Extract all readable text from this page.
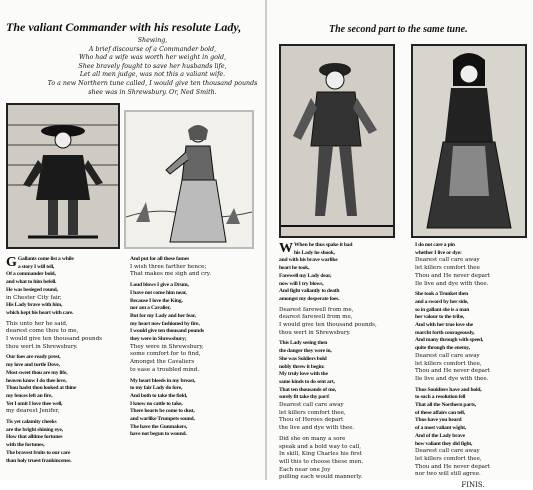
The valiant Commander with his resolute Lady,
Shewing,
A brief discourse of a Commander bold,
Who had a wife was worth her weight in gold,
Shee bravely fought to save her husbands life,
Let all men judge, was not this a valiant wife.
To a new Northern tune called, I would give ten thousand pounds
shee was in Shrewsbury. Or, Ned Smith.
G Gallants come list a while
a story I will tell,
Of a commander bold,
and what to him befell.
He was besieged round,
in Chester City fair,
His Lady brave with him,
which kept his heart with care.
This unto her he said,
dearest come thou to me,
I would give ten thousand pounds
thou wert in Shrewsbury.
Our foes are ready prest,
my love and turtle Dove,
Most sweet thou are my life,
heaven know I do thee love,
Thou hadst thou looked at thine
my fences left an fire,
Yet I omit I love thee well,
my dearest Jenifer,
Tis yet calamity cheeks
are the bright shining eye,
How that alltime fortunes
with the fortunes,
The bravest fruits to our care
than holy truest frankincense.
And put for all these fames
I wish three farther hence;
That makes me sigh and cry.
Loud blows I give a Drum,
I have not come him near,
Because I love the King,
nor am a Cavalier,
But for my Lady and her fear,
my heart now fashioned by fire,
I would give ten thousand pounds
they were in Shrewsbury;
They were in Shrewsbury,
some comfort for to find,
Amongst the Cavaliers
to ease a troubled mind.
My heart bleeds in my breast,
to my fair Lady do fore,
And both to take the field,
I know no cattle to take,
There hearts be come to dust,
and warlike Trumpets sound,
The have the Gunmakers,
have not begun to wound.
The second part to the same tune.
W When he thus spake it had
his Lady he shook,
and with his brave warlike
heart he took,
Farewell my Lady dear,
now will I try blows,
And fight valiantly to death
amongst my desperate foes.
Dearest farewell from me,
dearest farewell from me,
I would give ten thousand pounds,
thou wert in Shrewsbury.
This Lady seeing then
the danger they were in,
She was Soldiers bold
nobly threw it begin:
My truly love with the
same kinds to do sent art,
That ten thousands of me,
surely fit take thy part!
Dearest call care away
let killers comfort thee,
Thou of Heroes depart
the live and dye with thee.
Did she on many a sore
speak and a bold way to call,
In skill, King Charles his first
will this to choose these men.
Each near one Joy
pulling each would mannerly.
I do not care a pin
whether I live or dye:
Dearest call care away
let killers comfort thee
Thou and He never depart
Ile live and dye with thee.
She took a Trunket then
and a sword by her side,
so in gallant she is a man
her valour to the tribe,
And with her true love she
marcht forth courageously,
And many through with speed,
quite through the enemy,
Dearest call care away
let killers comfort thee,
Thou and He never depart
Ile live and dye with thee.
Thus Souldiers have and hold,
to such a resolution fell
That all the Northern parts,
of these affairs can tell,
Thus have you heard
of a most valiant wight,
And of the Lady brave
how valiant they did fight,
Dearest call care away
let killers comfort thee,
Thou and He never depart
nor two will still agree.
FINIS.
